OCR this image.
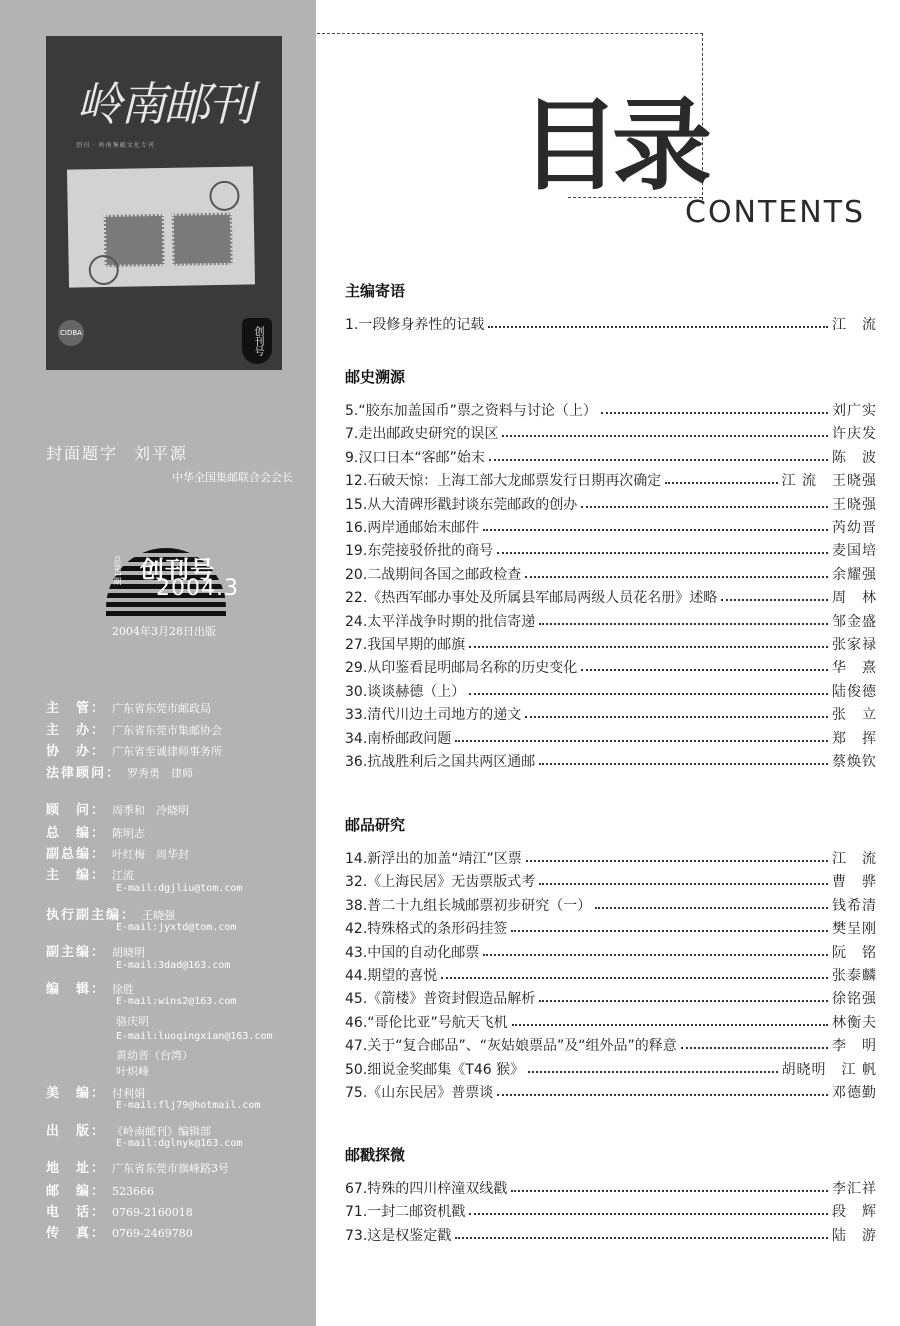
岭南邮刊
创刊 · 岭南集邮文化专刊
CIDBA	创刊号
封面题字 刘平源
中华全国集邮联合会会长
总第1期 创刊号
2004.3
2004年3月28日出版
主　管： 广东省东莞市邮政局
主　办： 广东省东莞市集邮协会
协　办： 广东省至诚律师事务所
法律顾问： 罗秀勇　律师
顾　问： 周季和　冷晓明
总　编： 陈明志
副总编： 叶红梅　周华封
主　编： 江流
E-mail:dgjliu@tom.com
执行副主编： 王晓强
E-mail:jyxtd@tom.com
副主编： 胡晓明
E-mail:3dad@163.com
编　辑： 徐胜
E-mail:wins2@163.com
骆庆明
E-mail:luoqingxian@163.com
黄幼晋（台湾）
叶炽峰
美　编： 付利娟
E-mail:flj79@hotmail.com
出　版： 《岭南邮刊》编辑部
E-mail:dglnyk@163.com
地　址： 广东省东莞市旗峰路3号
邮　编： 523666
电　话： 0769-2160018
传　真： 0769-2469780
目录
CONTENTS
主编寄语
1.一段修身养性的记载	江　流
邮史溯源
5.“胶东加盖国币”票之资料与讨论（上）	刘广实
7.走出邮政史研究的误区	许庆发
9.汉口日本“客邮”始末	陈　波
12.石破天惊：上海工部大龙邮票发行日期再次确定	江 流　王晓强
15.从大清碑形戳封谈东莞邮政的创办	王晓强
16.两岸通邮始末邮件	芮幼晋
19.东莞接驳侨批的商号	麦国培
20.二战期间各国之邮政检查	余耀强
22.《热西军邮办事处及所属县军邮局两级人员花名册》述略	周　林
24.太平洋战争时期的批信寄递	邹金盛
27.我国早期的邮旗	张家禄
29.从印鉴看昆明邮局名称的历史变化	华　熹
30.谈谈赫德（上）	陆俊德
33.清代川边土司地方的递文	张　立
34.南桥邮政问题	郑　挥
36.抗战胜利后之国共两区通邮	蔡焕钦
邮品研究
14.新浮出的加盖“靖江”区票	江　流
32.《上海民居》无齿票版式考	曹　骅
38.普二十九组长城邮票初步研究（一）	钱希清
42.特殊格式的条形码挂签	樊呈刚
43.中国的自动化邮票	阮　铭
44.期望的喜悦	张泰麟
45.《箭楼》普资封假造品解析	徐铭强
46.“哥伦比亚”号航天飞机	林衡夫
47.关于“复合邮品”、“灰姑娘票品”及“组外品”的释意	李　明
50.细说金奖邮集《T46 猴》	胡晓明　江 帆
75.《山东民居》普票谈	邓德勤
邮戳探微
67.特殊的四川梓潼双线戳	李汇祥
71.一封二邮资机戳	段　辉
73.这是权鉴定戳	陆　游
